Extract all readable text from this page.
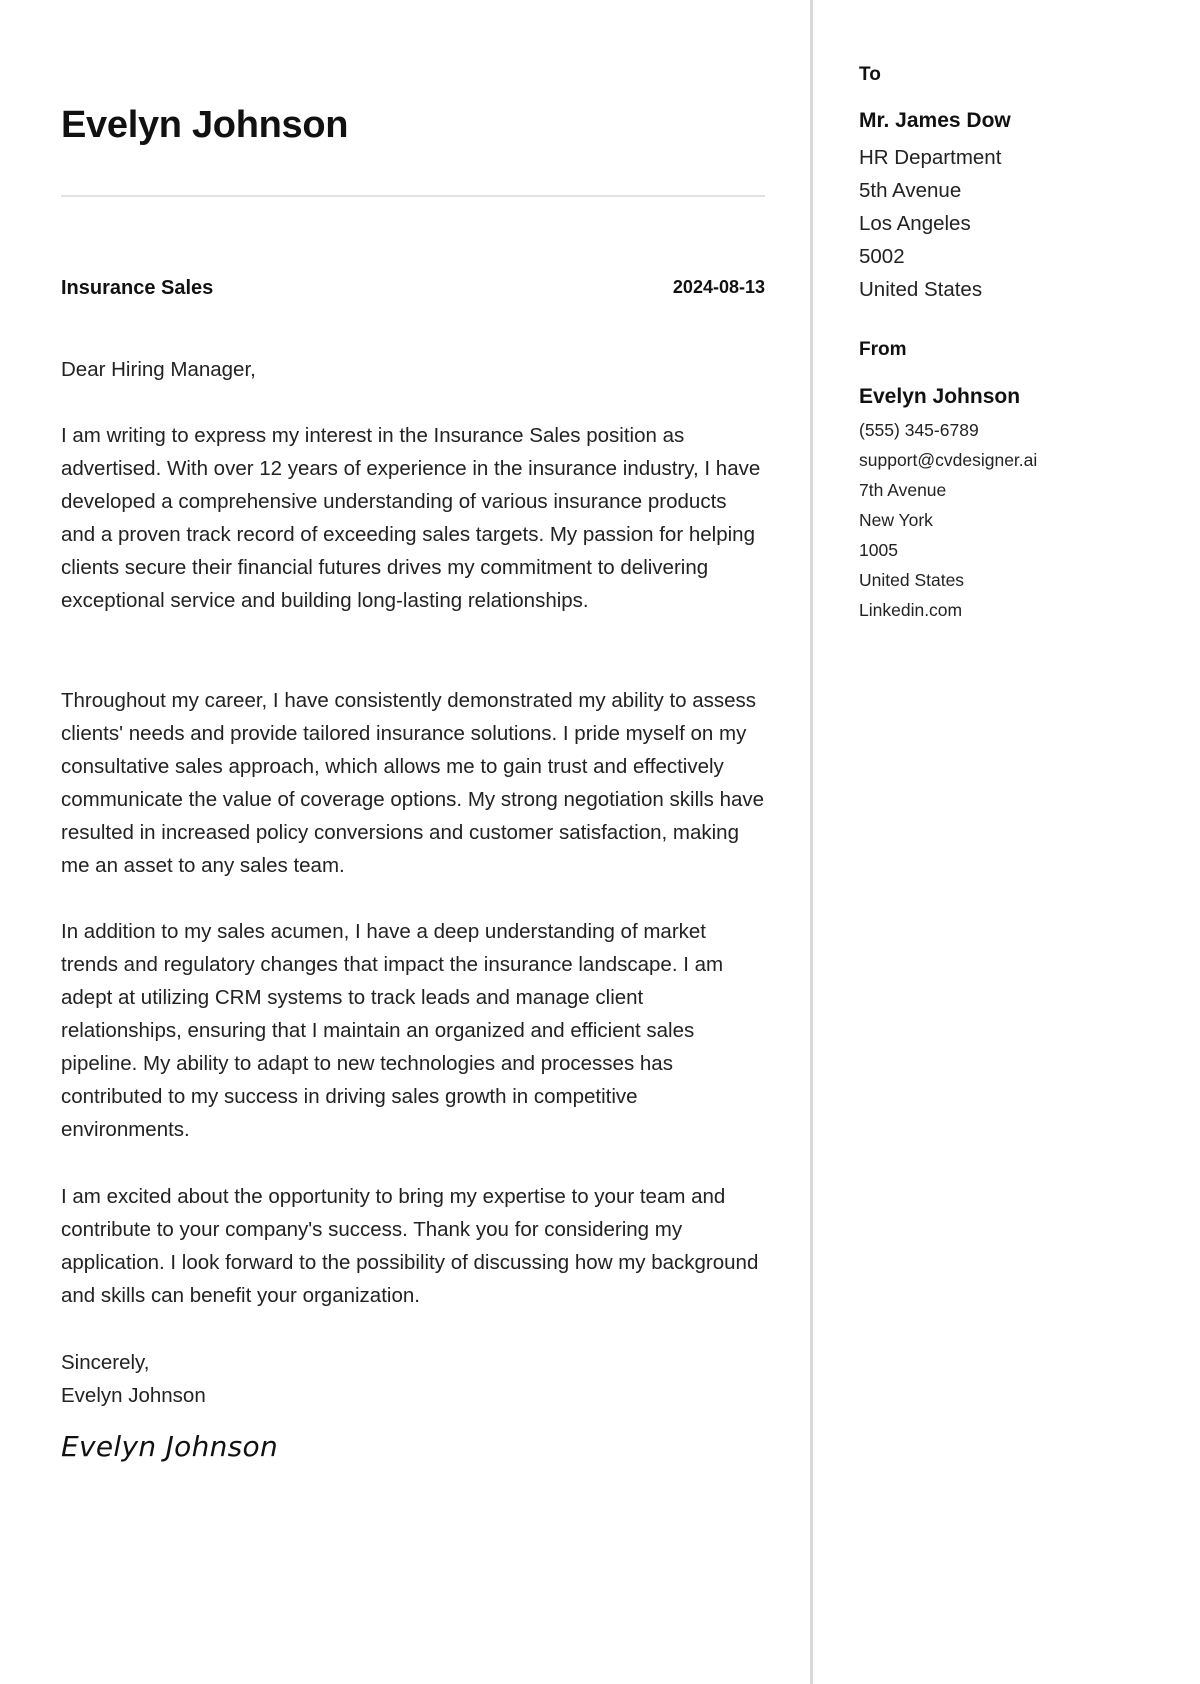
Evelyn Johnson
Insurance Sales	2024-08-13

Dear Hiring Manager,

I am writing to express my interest in the Insurance Sales position as advertised. With over 12 years of experience in the insurance industry, I have developed a comprehensive understanding of various insurance products and a proven track record of exceeding sales targets. My passion for helping clients secure their financial futures drives my commitment to delivering exceptional service and building long-lasting relationships.

Throughout my career, I have consistently demonstrated my ability to assess clients' needs and provide tailored insurance solutions. I pride myself on my consultative sales approach, which allows me to gain trust and effectively communicate the value of coverage options. My strong negotiation skills have resulted in increased policy conversions and customer satisfaction, making me an asset to any sales team.

In addition to my sales acumen, I have a deep understanding of market trends and regulatory changes that impact the insurance landscape. I am adept at utilizing CRM systems to track leads and manage client relationships, ensuring that I maintain an organized and efficient sales pipeline. My ability to adapt to new technologies and processes has contributed to my success in driving sales growth in competitive environments.

I am excited about the opportunity to bring my expertise to your team and contribute to your company's success. Thank you for considering my application. I look forward to the possibility of discussing how my background and skills can benefit your organization.

Sincerely,

Evelyn Johnson

Evelyn Johnson
To
Mr. James Dow
HR Department
5th Avenue
Los Angeles
5002
United States
From
Evelyn Johnson
(555) 345-6789
support@cvdesigner.ai
7th Avenue
New York
1005
United States
Linkedin.com
